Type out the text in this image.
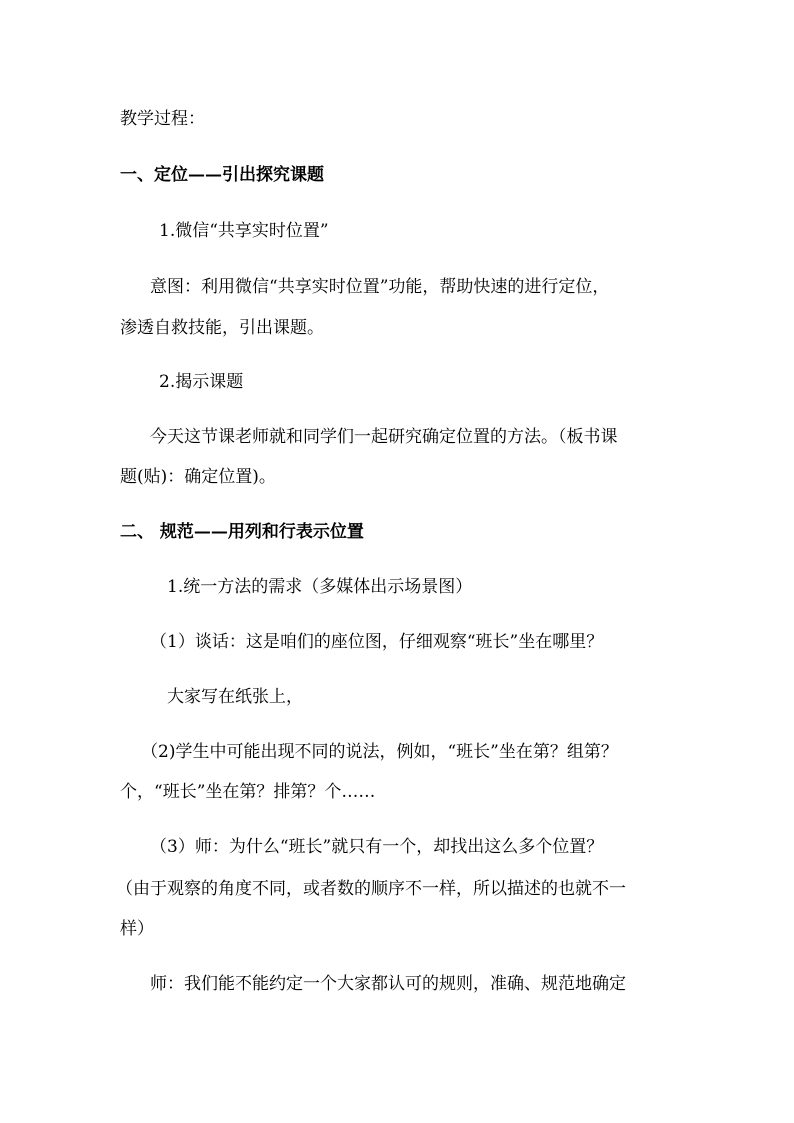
教学过程：

一、定位——引出探究课题

1.微信“共享实时位置”

意图：利用微信“共享实时位置”功能，帮助快速的进行定位，

渗透自救技能，引出课题。

2.揭示课题

今天这节课老师就和同学们一起研究确定位置的方法。（板书课

题(贴)：确定位置)。

二、 规范——用列和行表示位置

1.统一方法的需求（多媒体出示场景图）

（1）谈话：这是咱们的座位图，仔细观察“班长”坐在哪里？

大家写在纸张上，

（2)学生中可能出现不同的说法，例如，“班长”坐在第？组第？

个，“班长”坐在第？排第？个……

（3）师：为什么“班长”就只有一个，却找出这么多个位置？

（由于观察的角度不同，或者数的顺序不一样，所以描述的也就不一

样）

师：我们能不能约定一个大家都认可的规则，准确、规范地确定
